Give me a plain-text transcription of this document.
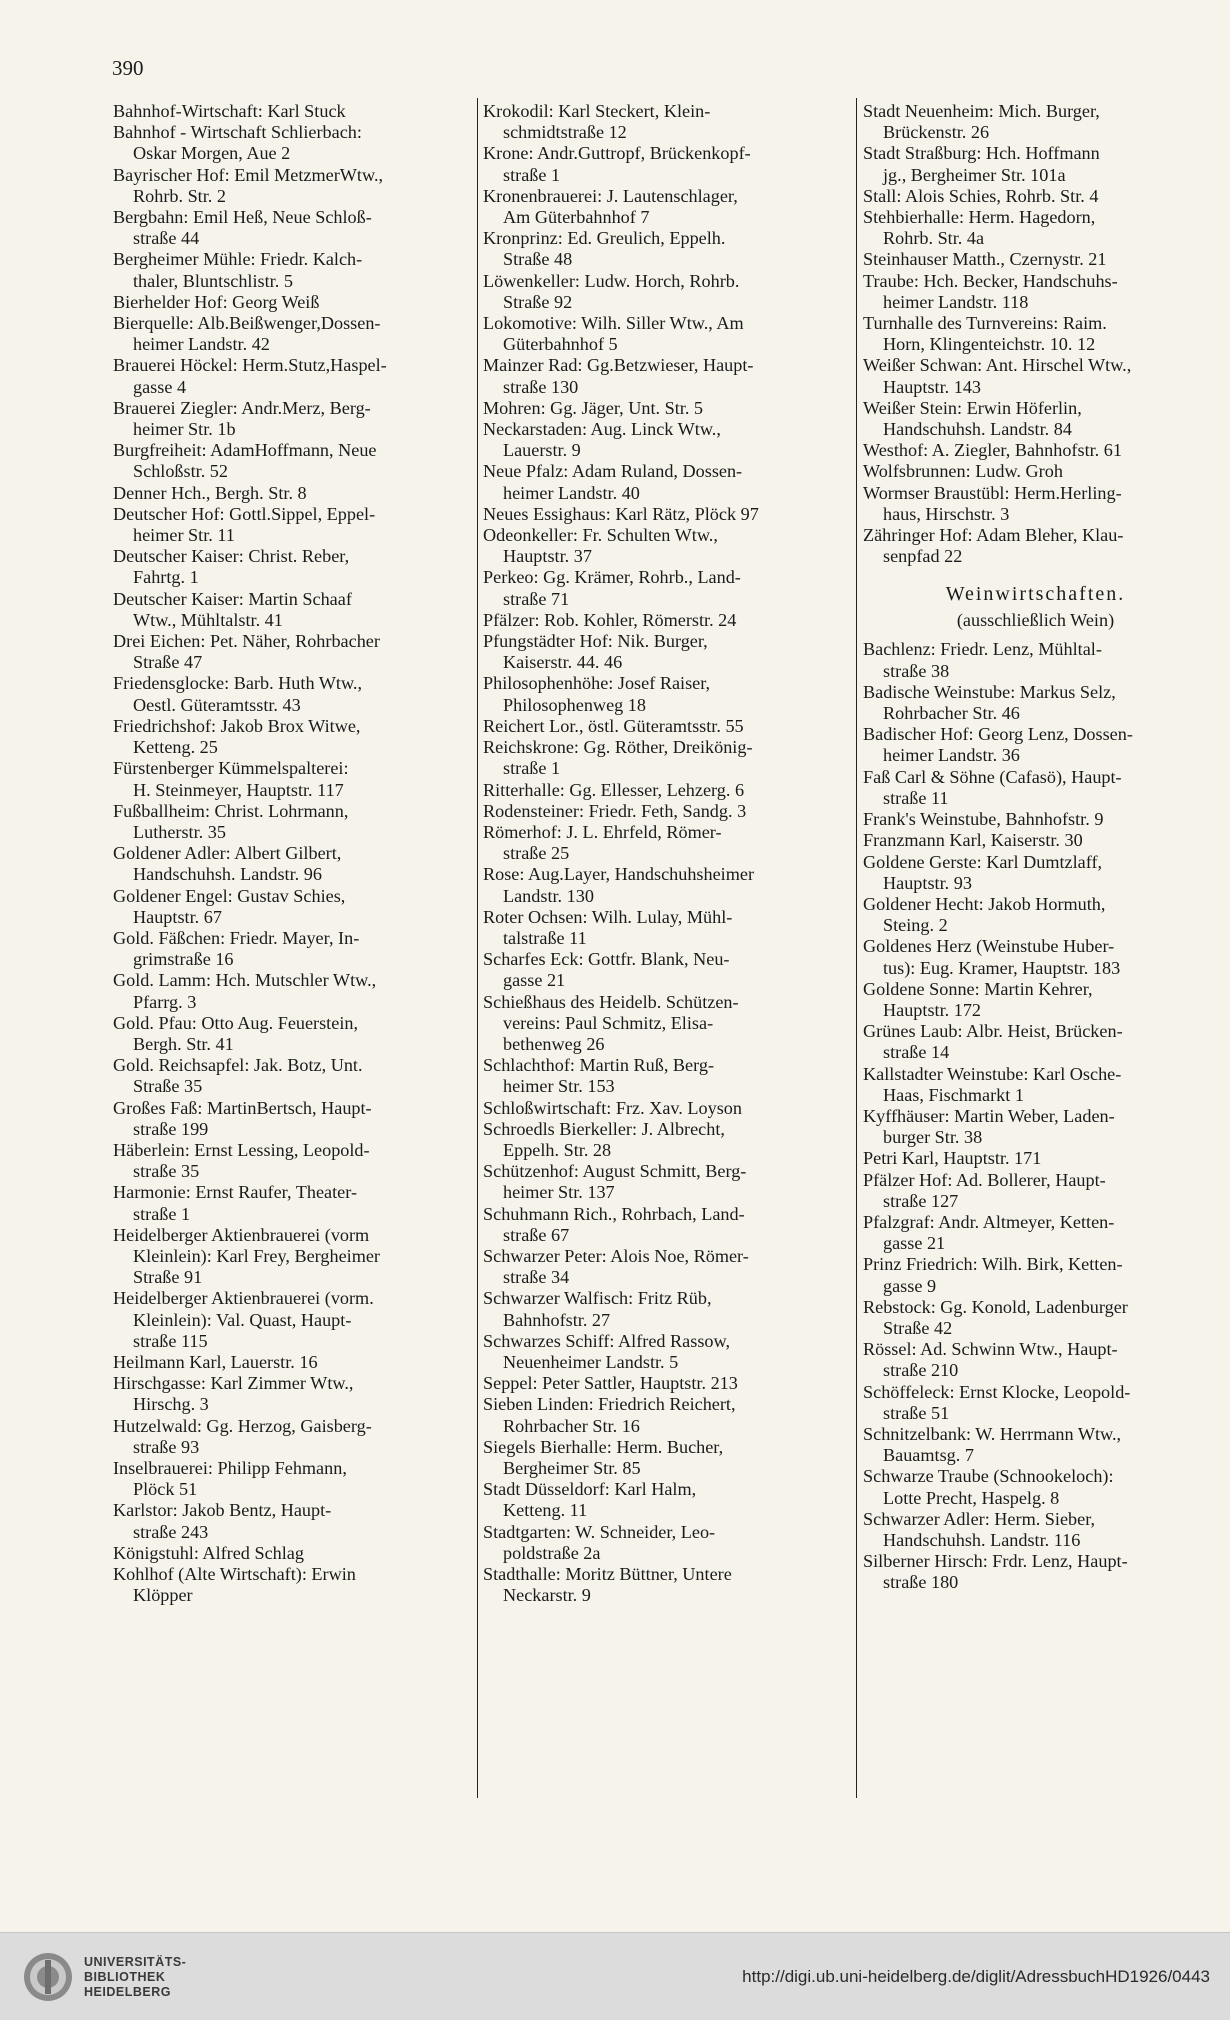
390
Bahnhof-Wirtschaft: Karl Stuck
Bahnhof - Wirtschaft Schlierbach:
Oskar Morgen, Aue 2
Bayrischer Hof: Emil MetzmerWtw.,
Rohrb. Str. 2
Bergbahn: Emil Heß, Neue Schloß-
straße 44
Bergheimer Mühle: Friedr. Kalch-
thaler, Bluntschlistr. 5
Bierhelder Hof: Georg Weiß
Bierquelle: Alb.Beißwenger,Dossen-
heimer Landstr. 42
Brauerei Höckel: Herm.Stutz,Haspel-
gasse 4
Brauerei Ziegler: Andr.Merz, Berg-
heimer Str. 1b
Burgfreiheit: AdamHoffmann, Neue
Schloßstr. 52
Denner Hch., Bergh. Str. 8
Deutscher Hof: Gottl.Sippel, Eppel-
heimer Str. 11
Deutscher Kaiser: Christ. Reber,
Fahrtg. 1
Deutscher Kaiser: Martin Schaaf
Wtw., Mühltalstr. 41
Drei Eichen: Pet. Näher, Rohrbacher
Straße 47
Friedensglocke: Barb. Huth Wtw.,
Oestl. Güteramtsstr. 43
Friedrichshof: Jakob Brox Witwe,
Ketteng. 25
Fürstenberger Kümmelspalterei:
H. Steinmeyer, Hauptstr. 117
Fußballheim: Christ. Lohrmann,
Lutherstr. 35
Goldener Adler: Albert Gilbert,
Handschuhsh. Landstr. 96
Goldener Engel: Gustav Schies,
Hauptstr. 67
Gold. Fäßchen: Friedr. Mayer, In-
grimstraße 16
Gold. Lamm: Hch. Mutschler Wtw.,
Pfarrg. 3
Gold. Pfau: Otto Aug. Feuerstein,
Bergh. Str. 41
Gold. Reichsapfel: Jak. Botz, Unt.
Straße 35
Großes Faß: MartinBertsch, Haupt-
straße 199
Häberlein: Ernst Lessing, Leopold-
straße 35
Harmonie: Ernst Raufer, Theater-
straße 1
Heidelberger Aktienbrauerei (vorm
Kleinlein): Karl Frey, Bergheimer
Straße 91
Heidelberger Aktienbrauerei (vorm.
Kleinlein): Val. Quast, Haupt-
straße 115
Heilmann Karl, Lauerstr. 16
Hirschgasse: Karl Zimmer Wtw.,
Hirschg. 3
Hutzelwald: Gg. Herzog, Gaisberg-
straße 93
Inselbrauerei: Philipp Fehmann,
Plöck 51
Karlstor: Jakob Bentz, Haupt-
straße 243
Königstuhl: Alfred Schlag
Kohlhof (Alte Wirtschaft): Erwin
Klöpper
Krokodil: Karl Steckert, Klein-
schmidtstraße 12
Krone: Andr.Guttropf, Brückenkopf-
straße 1
Kronenbrauerei: J. Lautenschlager,
Am Güterbahnhof 7
Kronprinz: Ed. Greulich, Eppelh.
Straße 48
Löwenkeller: Ludw. Horch, Rohrb.
Straße 92
Lokomotive: Wilh. Siller Wtw., Am
Güterbahnhof 5
Mainzer Rad: Gg.Betzwieser, Haupt-
straße 130
Mohren: Gg. Jäger, Unt. Str. 5
Neckarstaden: Aug. Linck Wtw.,
Lauerstr. 9
Neue Pfalz: Adam Ruland, Dossen-
heimer Landstr. 40
Neues Essighaus: Karl Rätz, Plöck 97
Odeonkeller: Fr. Schulten Wtw.,
Hauptstr. 37
Perkeo: Gg. Krämer, Rohrb., Land-
straße 71
Pfälzer: Rob. Kohler, Römerstr. 24
Pfungstädter Hof: Nik. Burger,
Kaiserstr. 44. 46
Philosophenhöhe: Josef Raiser,
Philosophenweg 18
Reichert Lor., östl. Güteramtsstr. 55
Reichskrone: Gg. Röther, Dreikönig-
straße 1
Ritterhalle: Gg. Ellesser, Lehzerg. 6
Rodensteiner: Friedr. Feth, Sandg. 3
Römerhof: J. L. Ehrfeld, Römer-
straße 25
Rose: Aug.Layer, Handschuhsheimer
Landstr. 130
Roter Ochsen: Wilh. Lulay, Mühl-
talstraße 11
Scharfes Eck: Gottfr. Blank, Neu-
gasse 21
Schießhaus des Heidelb. Schützen-
vereins: Paul Schmitz, Elisa-
bethenweg 26
Schlachthof: Martin Ruß, Berg-
heimer Str. 153
Schloßwirtschaft: Frz. Xav. Loyson
Schroedls Bierkeller: J. Albrecht,
Eppelh. Str. 28
Schützenhof: August Schmitt, Berg-
heimer Str. 137
Schuhmann Rich., Rohrbach, Land-
straße 67
Schwarzer Peter: Alois Noe, Römer-
straße 34
Schwarzer Walfisch: Fritz Rüb,
Bahnhofstr. 27
Schwarzes Schiff: Alfred Rassow,
Neuenheimer Landstr. 5
Seppel: Peter Sattler, Hauptstr. 213
Sieben Linden: Friedrich Reichert,
Rohrbacher Str. 16
Siegels Bierhalle: Herm. Bucher,
Bergheimer Str. 85
Stadt Düsseldorf: Karl Halm,
Ketteng. 11
Stadtgarten: W. Schneider, Leo-
poldstraße 2a
Stadthalle: Moritz Büttner, Untere
Neckarstr. 9
Stadt Neuenheim: Mich. Burger,
Brückenstr. 26
Stadt Straßburg: Hch. Hoffmann
jg., Bergheimer Str. 101a
Stall: Alois Schies, Rohrb. Str. 4
Stehbierhalle: Herm. Hagedorn,
Rohrb. Str. 4a
Steinhauser Matth., Czernystr. 21
Traube: Hch. Becker, Handschuhs-
heimer Landstr. 118
Turnhalle des Turnvereins: Raim.
Horn, Klingenteichstr. 10. 12
Weißer Schwan: Ant. Hirschel Wtw.,
Hauptstr. 143
Weißer Stein: Erwin Höferlin,
Handschuhsh. Landstr. 84
Westhof: A. Ziegler, Bahnhofstr. 61
Wolfsbrunnen: Ludw. Groh
Wormser Braustübl: Herm.Herling-
haus, Hirschstr. 3
Zähringer Hof: Adam Bleher, Klau-
senpfad 22
Weinwirtschaften.
(ausschließlich Wein)
Bachlenz: Friedr. Lenz, Mühltal-
straße 38
Badische Weinstube: Markus Selz,
Rohrbacher Str. 46
Badischer Hof: Georg Lenz, Dossen-
heimer Landstr. 36
Faß Carl & Söhne (Cafasö), Haupt-
straße 11
Frank's Weinstube, Bahnhofstr. 9
Franzmann Karl, Kaiserstr. 30
Goldene Gerste: Karl Dumtzlaff,
Hauptstr. 93
Goldener Hecht: Jakob Hormuth,
Steing. 2
Goldenes Herz (Weinstube Huber-
tus): Eug. Kramer, Hauptstr. 183
Goldene Sonne: Martin Kehrer,
Hauptstr. 172
Grünes Laub: Albr. Heist, Brücken-
straße 14
Kallstadter Weinstube: Karl Osche-
Haas, Fischmarkt 1
Kyffhäuser: Martin Weber, Laden-
burger Str. 38
Petri Karl, Hauptstr. 171
Pfälzer Hof: Ad. Bollerer, Haupt-
straße 127
Pfalzgraf: Andr. Altmeyer, Ketten-
gasse 21
Prinz Friedrich: Wilh. Birk, Ketten-
gasse 9
Rebstock: Gg. Konold, Ladenburger
Straße 42
Rössel: Ad. Schwinn Wtw., Haupt-
straße 210
Schöffeleck: Ernst Klocke, Leopold-
straße 51
Schnitzelbank: W. Herrmann Wtw.,
Bauamtsg. 7
Schwarze Traube (Schnookeloch):
Lotte Precht, Haspelg. 8
Schwarzer Adler: Herm. Sieber,
Handschuhsh. Landstr. 116
Silberner Hirsch: Frdr. Lenz, Haupt-
straße 180
UNIVERSITÄTS-
BIBLIOTHEK
HEIDELBERG
http://digi.ub.uni-heidelberg.de/diglit/AdressbuchHD1926/0443
